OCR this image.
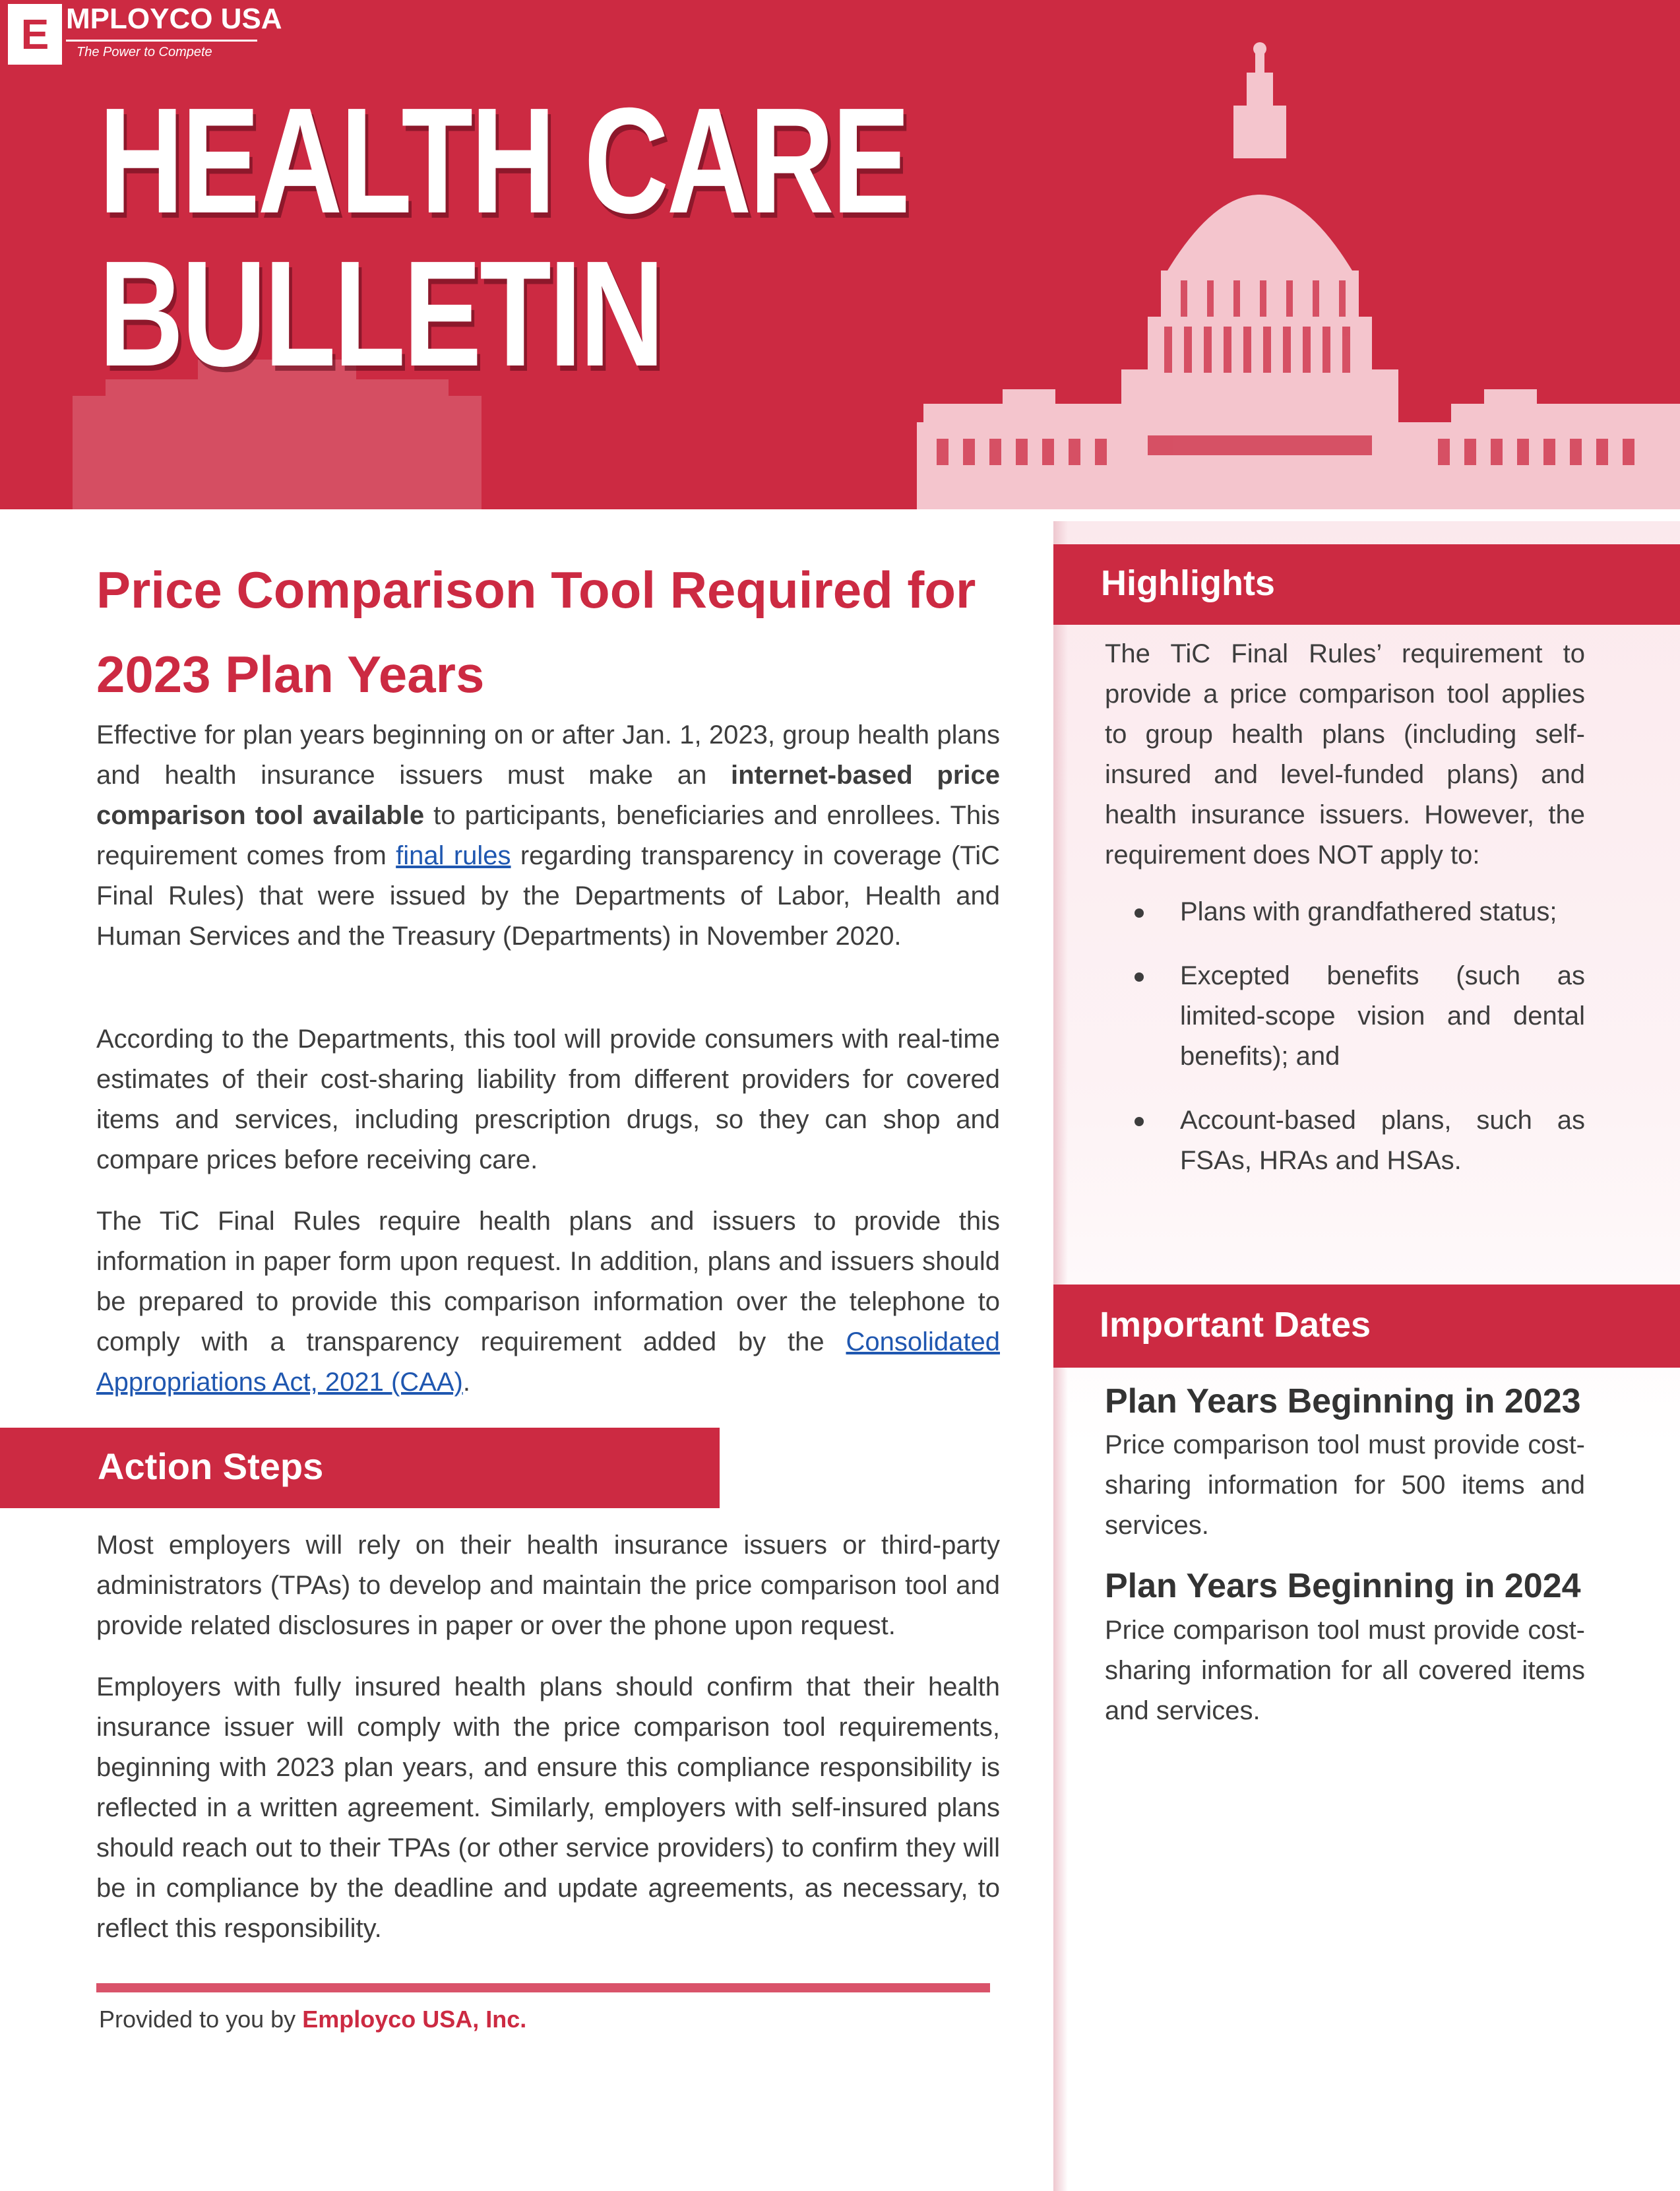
E MPLOYCO USA
The Power to Compete
HEALTH CARE
BULLETIN
Price Comparison Tool Required for 2023 Plan Years

Effective for plan years beginning on or after Jan. 1, 2023, group health plans and health insurance issuers must make an internet-based price comparison tool available to participants, beneficiaries and enrollees. This requirement comes from final rules regarding transparency in coverage (TiC Final Rules) that were issued by the Departments of Labor, Health and Human Services and the Treasury (Departments) in November 2020.

According to the Departments, this tool will provide consumers with real-time estimates of their cost-sharing liability from different providers for covered items and services, including prescription drugs, so they can shop and compare prices before receiving care.

The TiC Final Rules require health plans and issuers to provide this information in paper form upon request. In addition, plans and issuers should be prepared to provide this comparison information over the telephone to comply with a transparency requirement added by the Consolidated Appropriations Act, 2021 (CAA).

Action Steps

Most employers will rely on their health insurance issuers or third-party administrators (TPAs) to develop and maintain the price comparison tool and provide related disclosures in paper or over the phone upon request.

Employers with fully insured health plans should confirm that their health insurance issuer will comply with the price comparison tool requirements, beginning with 2023 plan years, and ensure this compliance responsibility is reflected in a written agreement. Similarly, employers with self-insured plans should reach out to their TPAs (or other service providers) to confirm they will be in compliance by the deadline and update agreements, as necessary, to reflect this responsibility.

Provided to you by Employco USA, Inc.
Highlights

The TiC Final Rules’ requirement to provide a price comparison tool applies to group health plans (including self-insured and level-funded plans) and health insurance issuers. However, the requirement does NOT apply to:

Plans with grandfathered status;
Excepted benefits (such as limited-scope vision and dental benefits); and
Account-based plans, such as FSAs, HRAs and HSAs.
Important Dates
Plan Years Beginning in 2023

Price comparison tool must provide cost-sharing information for 500 items and services.

Plan Years Beginning in 2024

Price comparison tool must provide cost-sharing information for all covered items and services.
